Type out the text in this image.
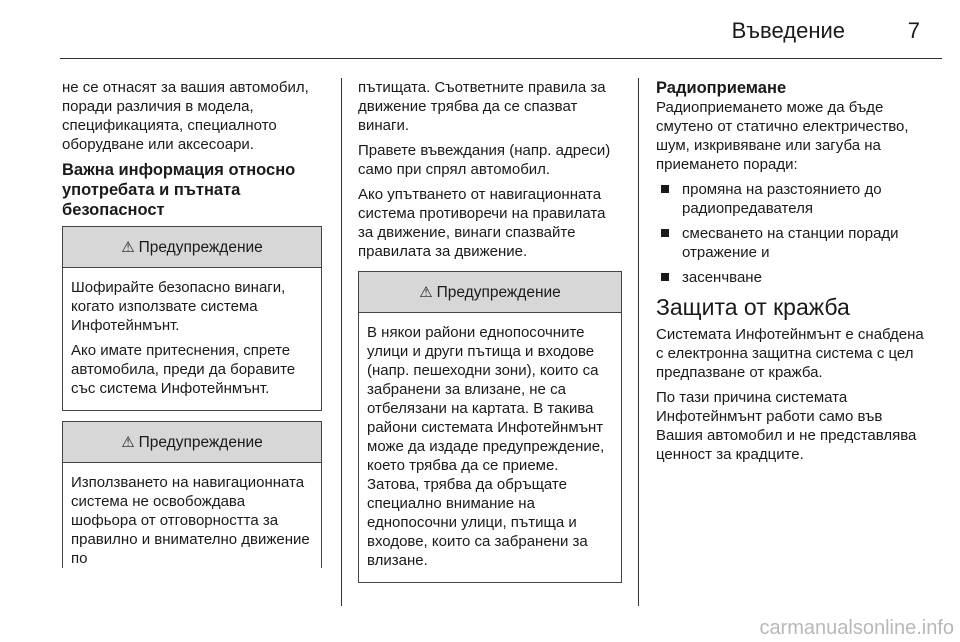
Въведение	7

не се отнасят за вашия автомобил, поради различия в модела, спецификацията, специалното оборудване или аксесоари.

Важна информация относно употребата и пътната безопасност
⚠ Предупреждение

Шофирайте безопасно винаги, когато използвате система Инфотейнмънт.

Ако имате притеснения, спрете автомобила, преди да боравите със система Инфотейнмънт.

⚠ Предупреждение

Използването на навигационната система не освобождава шофьора от отговорността за правилно и внимателно движение по

пътищата. Съответните правила за движение трябва да се спазват винаги.

Правете въвеждания (напр. адреси) само при спрял автомобил.

Ако упътването от навигационната система противоречи на правилата за движение, винаги спазвайте правилата за движение.

⚠ Предупреждение

В някои райони еднопосочните улици и други пътища и входове (напр. пешеходни зони), които са забранени за влизане, не са отбелязани на картата. В такива райони системата Инфотейнмънт може да издаде предупреждение, което трябва да се приеме. Затова, трябва да обръщате специално внимание на еднопосочни улици, пътища и входове, които са забранени за влизане.

Радиоприемане

Радиоприемането може да бъде смутено от статично електричество, шум, изкривяване или загуба на приемането поради:

промяна на разстоянието до радиопредавателя
смесването на станции поради отражение и
засенчване
Защита от кражба

Системата Инфотейнмънт е снабдена с електронна защитна система с цел предпазване от кражба.

По тази причина системата Инфотейнмънт работи само във Вашия автомобил и не представлява ценност за крадците.

carmanualsonline.info
